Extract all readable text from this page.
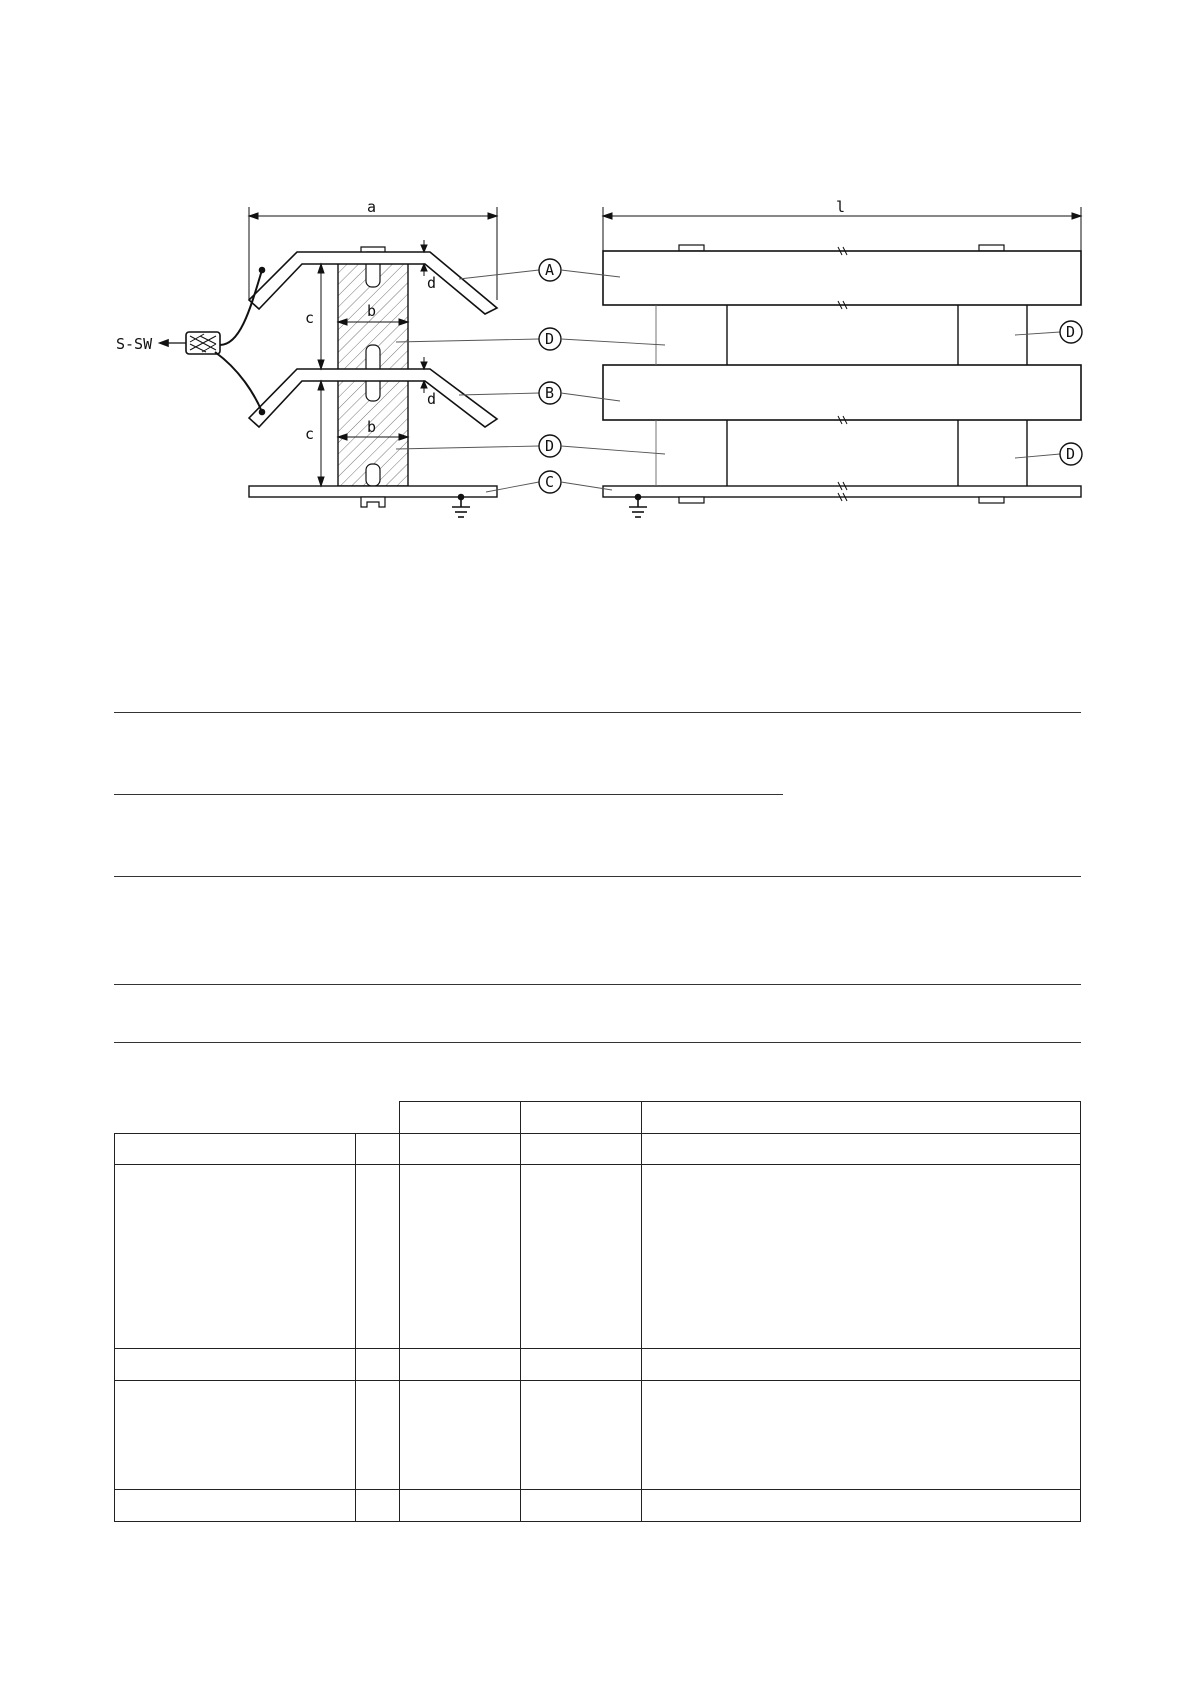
a
c
c
b
b
d
d
S-SW
A
D
B
D
C
l
D
D
